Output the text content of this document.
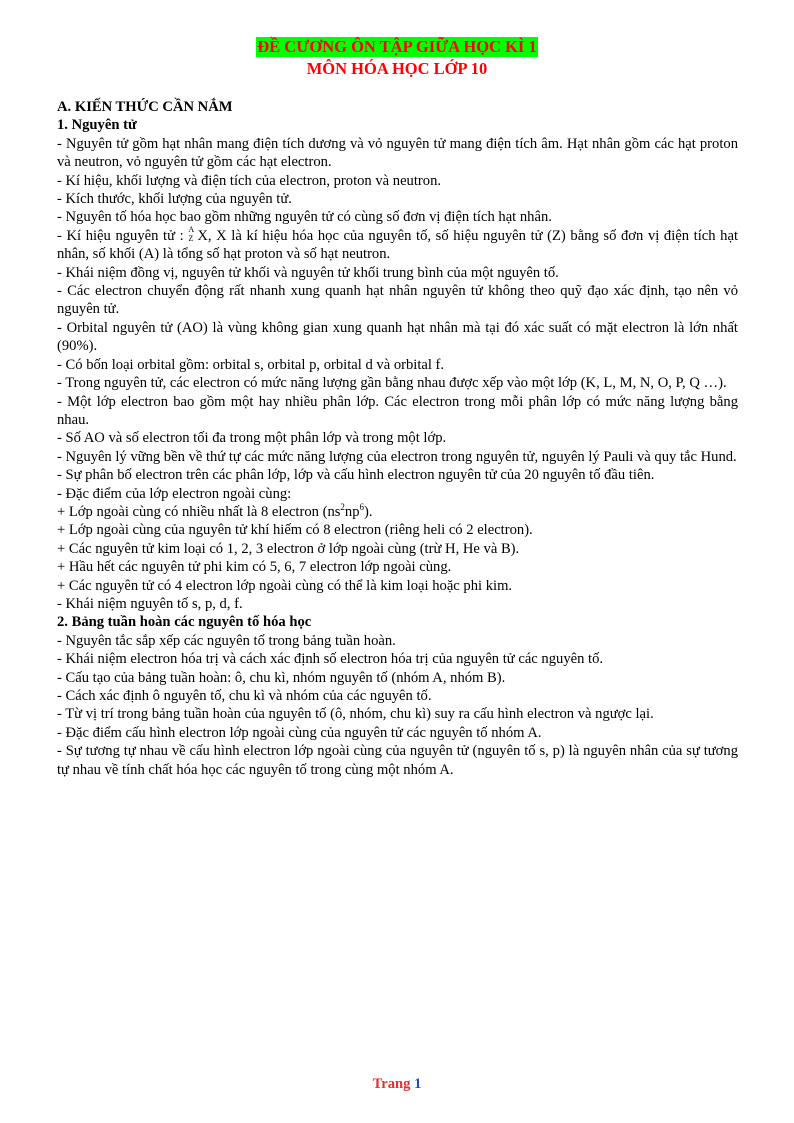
ĐỀ CƯƠNG ÔN TẬP GIỮA HỌC KÌ 1
MÔN HÓA HỌC LỚP 10

A. KIẾN THỨC CẦN NẮM

1. Nguyên tử

- Nguyên tử gồm hạt nhân mang điện tích dương và vỏ nguyên tử mang điện tích âm. Hạt nhân gồm các hạt proton và neutron, vỏ nguyên tử gồm các hạt electron.

- Kí hiệu, khối lượng và điện tích của electron, proton và neutron.

- Kích thước, khối lượng của nguyên tử.

- Nguyên tố hóa học bao gồm những nguyên tử có cùng số đơn vị điện tích hạt nhân.

- Kí hiệu nguyên tử : A
Z X, X là kí hiệu hóa học của nguyên tố, số hiệu nguyên tử (Z) bằng số đơn vị điện tích hạt nhân, số khối (A) là tổng số hạt proton và số hạt neutron.

- Khái niệm đồng vị, nguyên tử khối và nguyên tử khối trung bình của một nguyên tố.

- Các electron chuyển động rất nhanh xung quanh hạt nhân nguyên tử không theo quỹ đạo xác định, tạo nên vỏ nguyên tử.

- Orbital nguyên tử (AO) là vùng không gian xung quanh hạt nhân mà tại đó xác suất có mặt electron là lớn nhất (90%).

- Có bốn loại orbital gồm: orbital s, orbital p, orbital d và orbital f.

- Trong nguyên tử, các electron có mức năng lượng gần bằng nhau được xếp vào một lớp (K, L, M, N, O, P, Q …).

- Một lớp electron bao gồm một hay nhiều phân lớp. Các electron trong mỗi phân lớp có mức năng lượng bằng nhau.

- Số AO và số electron tối đa trong một phân lớp và trong một lớp.

- Nguyên lý vững bền về thứ tự các mức năng lượng của electron trong nguyên tử, nguyên lý Pauli và quy tắc Hund.

- Sự phân bố electron trên các phân lớp, lớp và cấu hình electron nguyên tử của 20 nguyên tố đầu tiên.

- Đặc điểm của lớp electron ngoài cùng:

+ Lớp ngoài cùng có nhiều nhất là 8 electron $(ns^2np^6)$.

+ Lớp ngoài cùng của nguyên tử khí hiếm có 8 electron (riêng heli có 2 electron).

+ Các nguyên tử kim loại có 1, 2, 3 electron ở lớp ngoài cùng (trừ H, He và B).

+ Hầu hết các nguyên tử phi kim có 5, 6, 7 electron lớp ngoài cùng.

+ Các nguyên tử có 4 electron lớp ngoài cùng có thể là kim loại hoặc phi kim.

- Khái niệm nguyên tố s, p, d, f.

2. Bảng tuần hoàn các nguyên tố hóa học

- Nguyên tắc sắp xếp các nguyên tố trong bảng tuần hoàn.

- Khái niệm electron hóa trị và cách xác định số electron hóa trị của nguyên tử các nguyên tố.

- Cấu tạo của bảng tuần hoàn: ô, chu kì, nhóm nguyên tố (nhóm A, nhóm B).

- Cách xác định ô nguyên tố, chu kì và nhóm của các nguyên tố.

- Từ vị trí trong bảng tuần hoàn của nguyên tố (ô, nhóm, chu kì) suy ra cấu hình electron và ngược lại.

- Đặc điểm cấu hình electron lớp ngoài cùng của nguyên tử các nguyên tố nhóm A.

- Sự tương tự nhau về cấu hình electron lớp ngoài cùng của nguyên tử (nguyên tố s, p) là nguyên nhân của sự tương tự nhau về tính chất hóa học các nguyên tố trong cùng một nhóm A.

Trang 1
